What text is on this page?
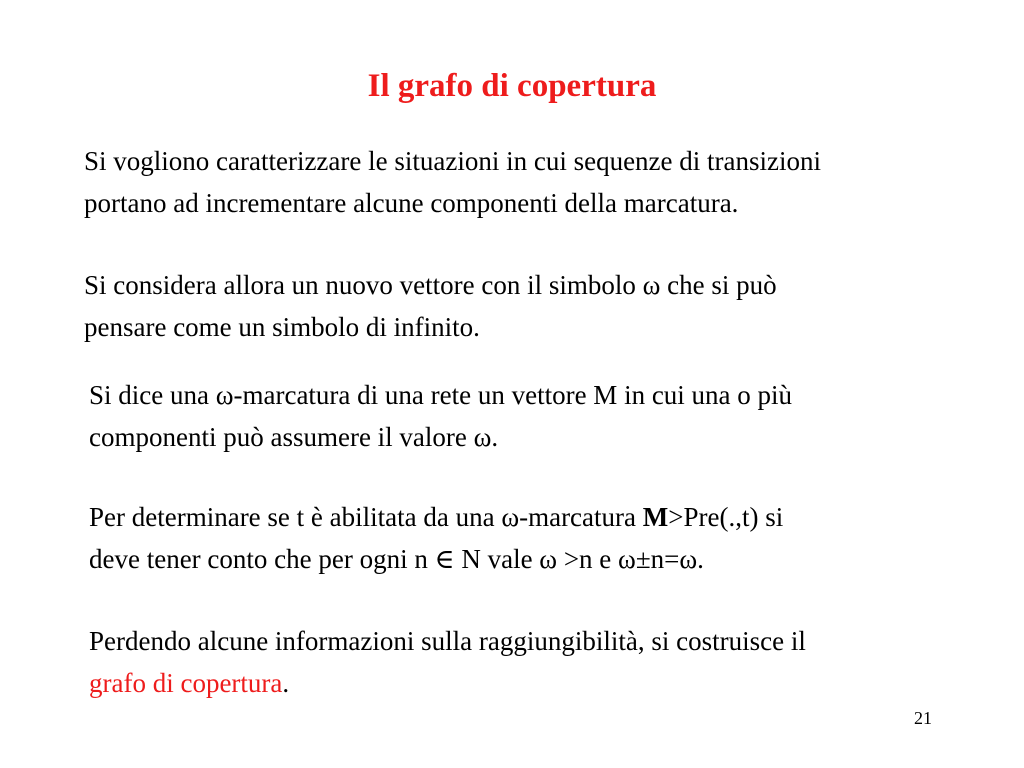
Il grafo di copertura

Si vogliono caratterizzare le situazioni in cui sequenze di transizioni
portano ad incrementare alcune componenti della marcatura.

Si considera allora un nuovo vettore con il simbolo ω che si può
pensare come un simbolo di infinito.

Si dice una ω-marcatura di una rete un vettore M in cui una o più
componenti può assumere il valore ω.

Per determinare se t è abilitata da una ω-marcatura M>Pre(.,t) si
deve tener conto che per ogni n ∈ N vale ω >n e ω±n=ω.

Perdendo alcune informazioni sulla raggiungibilità, si costruisce il
grafo di copertura.

21
